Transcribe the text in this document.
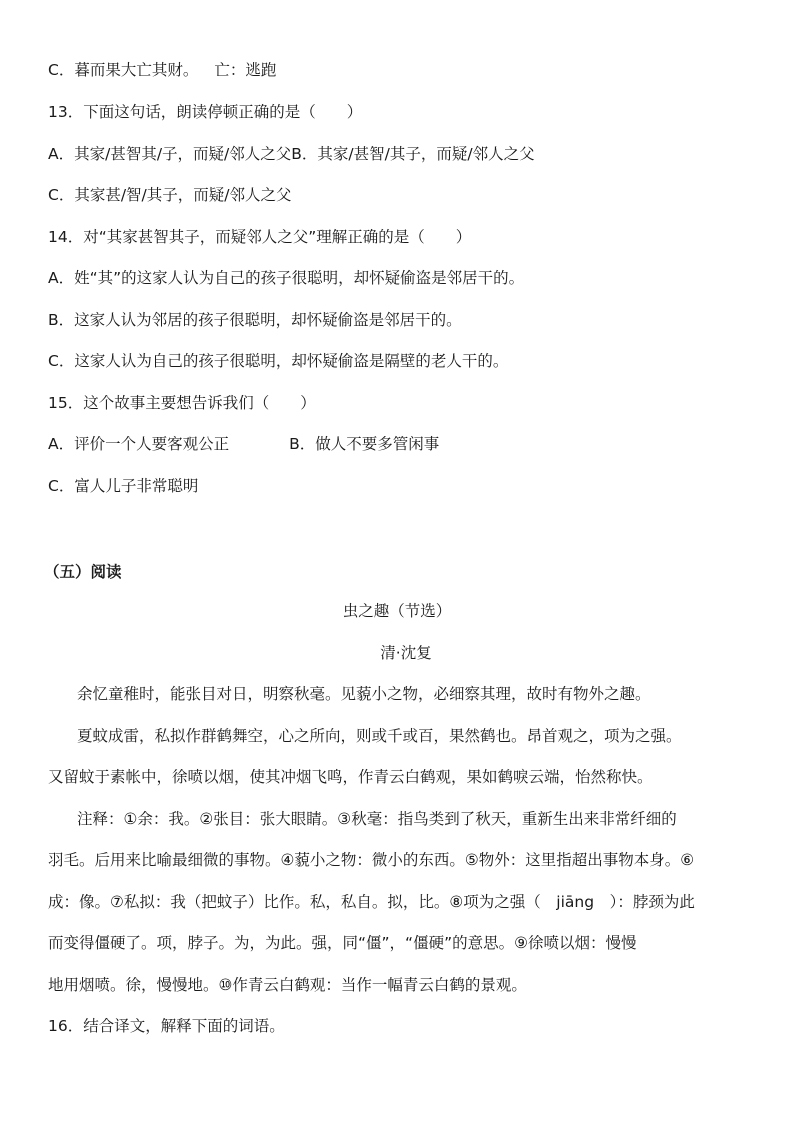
C．暮而果大亡其财。 亡：逃跑
13．下面这句话，朗读停顿正确的是（　　）
A．其家/甚智其/子，而疑/邻人之父B．其家/甚智/其子，而疑/邻人之父
C．其家甚/智/其子，而疑/邻人之父
14．对“其家甚智其子，而疑邻人之父”理解正确的是（　　）
A．姓“其”的这家人认为自己的孩子很聪明，却怀疑偷盗是邻居干的。
B．这家人认为邻居的孩子很聪明，却怀疑偷盗是邻居干的。
C．这家人认为自己的孩子很聪明，却怀疑偷盗是隔壁的老人干的。
15．这个故事主要想告诉我们（　　）
A．评价一个人要客观公正	B．做人不要多管闲事
C．富人儿子非常聪明
（五）阅读
虫之趣（节选）
清·沈复
余忆童稚时，能张目对日，明察秋毫。见藐小之物，必细察其理，故时有物外之趣。
夏蚊成雷，私拟作群鹤舞空，心之所向，则或千或百，果然鹤也。昂首观之，项为之强。
又留蚊于素帐中，徐喷以烟，使其冲烟飞鸣，作青云白鹤观，果如鹤唳云端，怡然称快。
注释：①余：我。②张目：张大眼睛。③秋毫：指鸟类到了秋天，重新生出来非常纤细的
羽毛。后用来比喻最细微的事物。④藐小之物：微小的东西。⑤物外：这里指超出事物本身。⑥
成：像。⑦私拟：我（把蚊子）比作。私，私自。拟，比。⑧项为之强（　jiāng　）：脖颈为此
而变得僵硬了。项，脖子。为，为此。强，同“僵”，“僵硬”的意思。⑨徐喷以烟：慢慢
地用烟喷。徐，慢慢地。⑩作青云白鹤观：当作一幅青云白鹤的景观。
16．结合译文，解释下面的词语。
